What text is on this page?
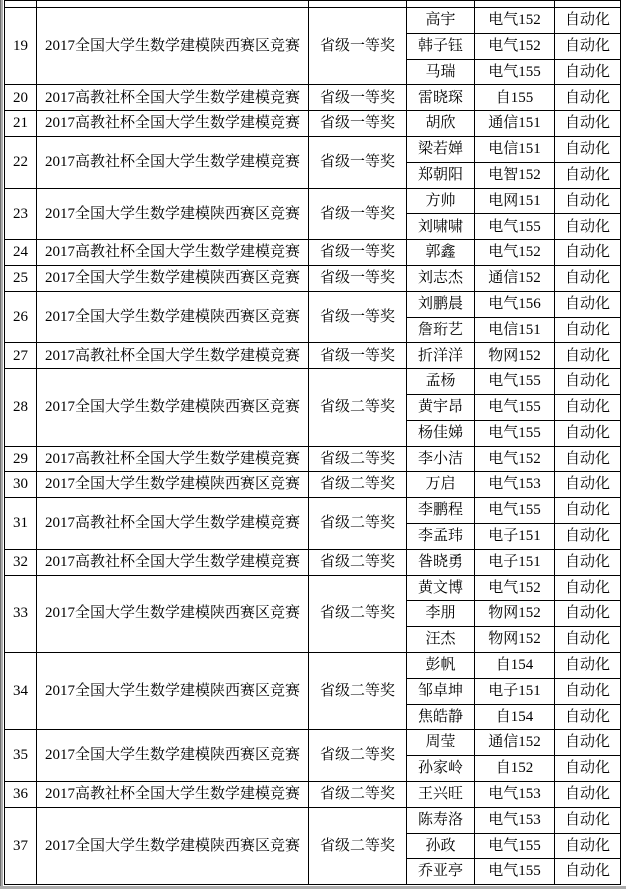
19	2017全国大学生数学建模陕西赛区竞赛	省级一等奖	高宇	电气152	自动化
			韩子钰	电气152	自动化
			马瑞	电气155	自动化
20	2017高教社杯全国大学生数学建模竞赛	省级一等奖	雷晓琛	自155	自动化
21	2017高教社杯全国大学生数学建模竞赛	省级一等奖	胡欣	通信151	自动化
22	2017高教社杯全国大学生数学建模竞赛	省级一等奖	梁若婵	电信151	自动化
			郑朝阳	电智152	自动化
23	2017全国大学生数学建模陕西赛区竞赛	省级一等奖	方帅	电网151	自动化
			刘啸啸	电气155	自动化
24	2017高教社杯全国大学生数学建模竞赛	省级一等奖	郭鑫	电气152	自动化
25	2017全国大学生数学建模陕西赛区竞赛	省级一等奖	刘志杰	通信152	自动化
26	2017全国大学生数学建模陕西赛区竞赛	省级一等奖	刘鹏晨	电气156	自动化
			詹珩艺	电信151	自动化
27	2017高教社杯全国大学生数学建模竞赛	省级一等奖	折洋洋	物网152	自动化
28	2017全国大学生数学建模陕西赛区竞赛	省级二等奖	孟杨	电气155	自动化
			黄宇昂	电气155	自动化
			杨佳娣	电气155	自动化
29	2017高教社杯全国大学生数学建模竞赛	省级二等奖	李小洁	电气152	自动化
30	2017全国大学生数学建模陕西赛区竞赛	省级二等奖	万启	电气153	自动化
31	2017高教社杯全国大学生数学建模竞赛	省级二等奖	李鹏程	电气155	自动化
			李孟玮	电子151	自动化
32	2017高教社杯全国大学生数学建模竞赛	省级二等奖	昝晓勇	电子151	自动化
33	2017全国大学生数学建模陕西赛区竞赛	省级二等奖	黄文博	电气152	自动化
			李朋	物网152	自动化
			汪杰	物网152	自动化
34	2017全国大学生数学建模陕西赛区竞赛	省级二等奖	彭帆	自154	自动化
			邹卓坤	电子151	自动化
			焦皓静	自154	自动化
35	2017全国大学生数学建模陕西赛区竞赛	省级二等奖	周莹	通信152	自动化
			孙家岭	自152	自动化
36	2017高教社杯全国大学生数学建模竞赛	省级二等奖	王兴旺	电气153	自动化
37	2017全国大学生数学建模陕西赛区竞赛	省级二等奖	陈寿洛	电气153	自动化
			孙政	电气155	自动化
			乔亚亭	电气155	自动化
